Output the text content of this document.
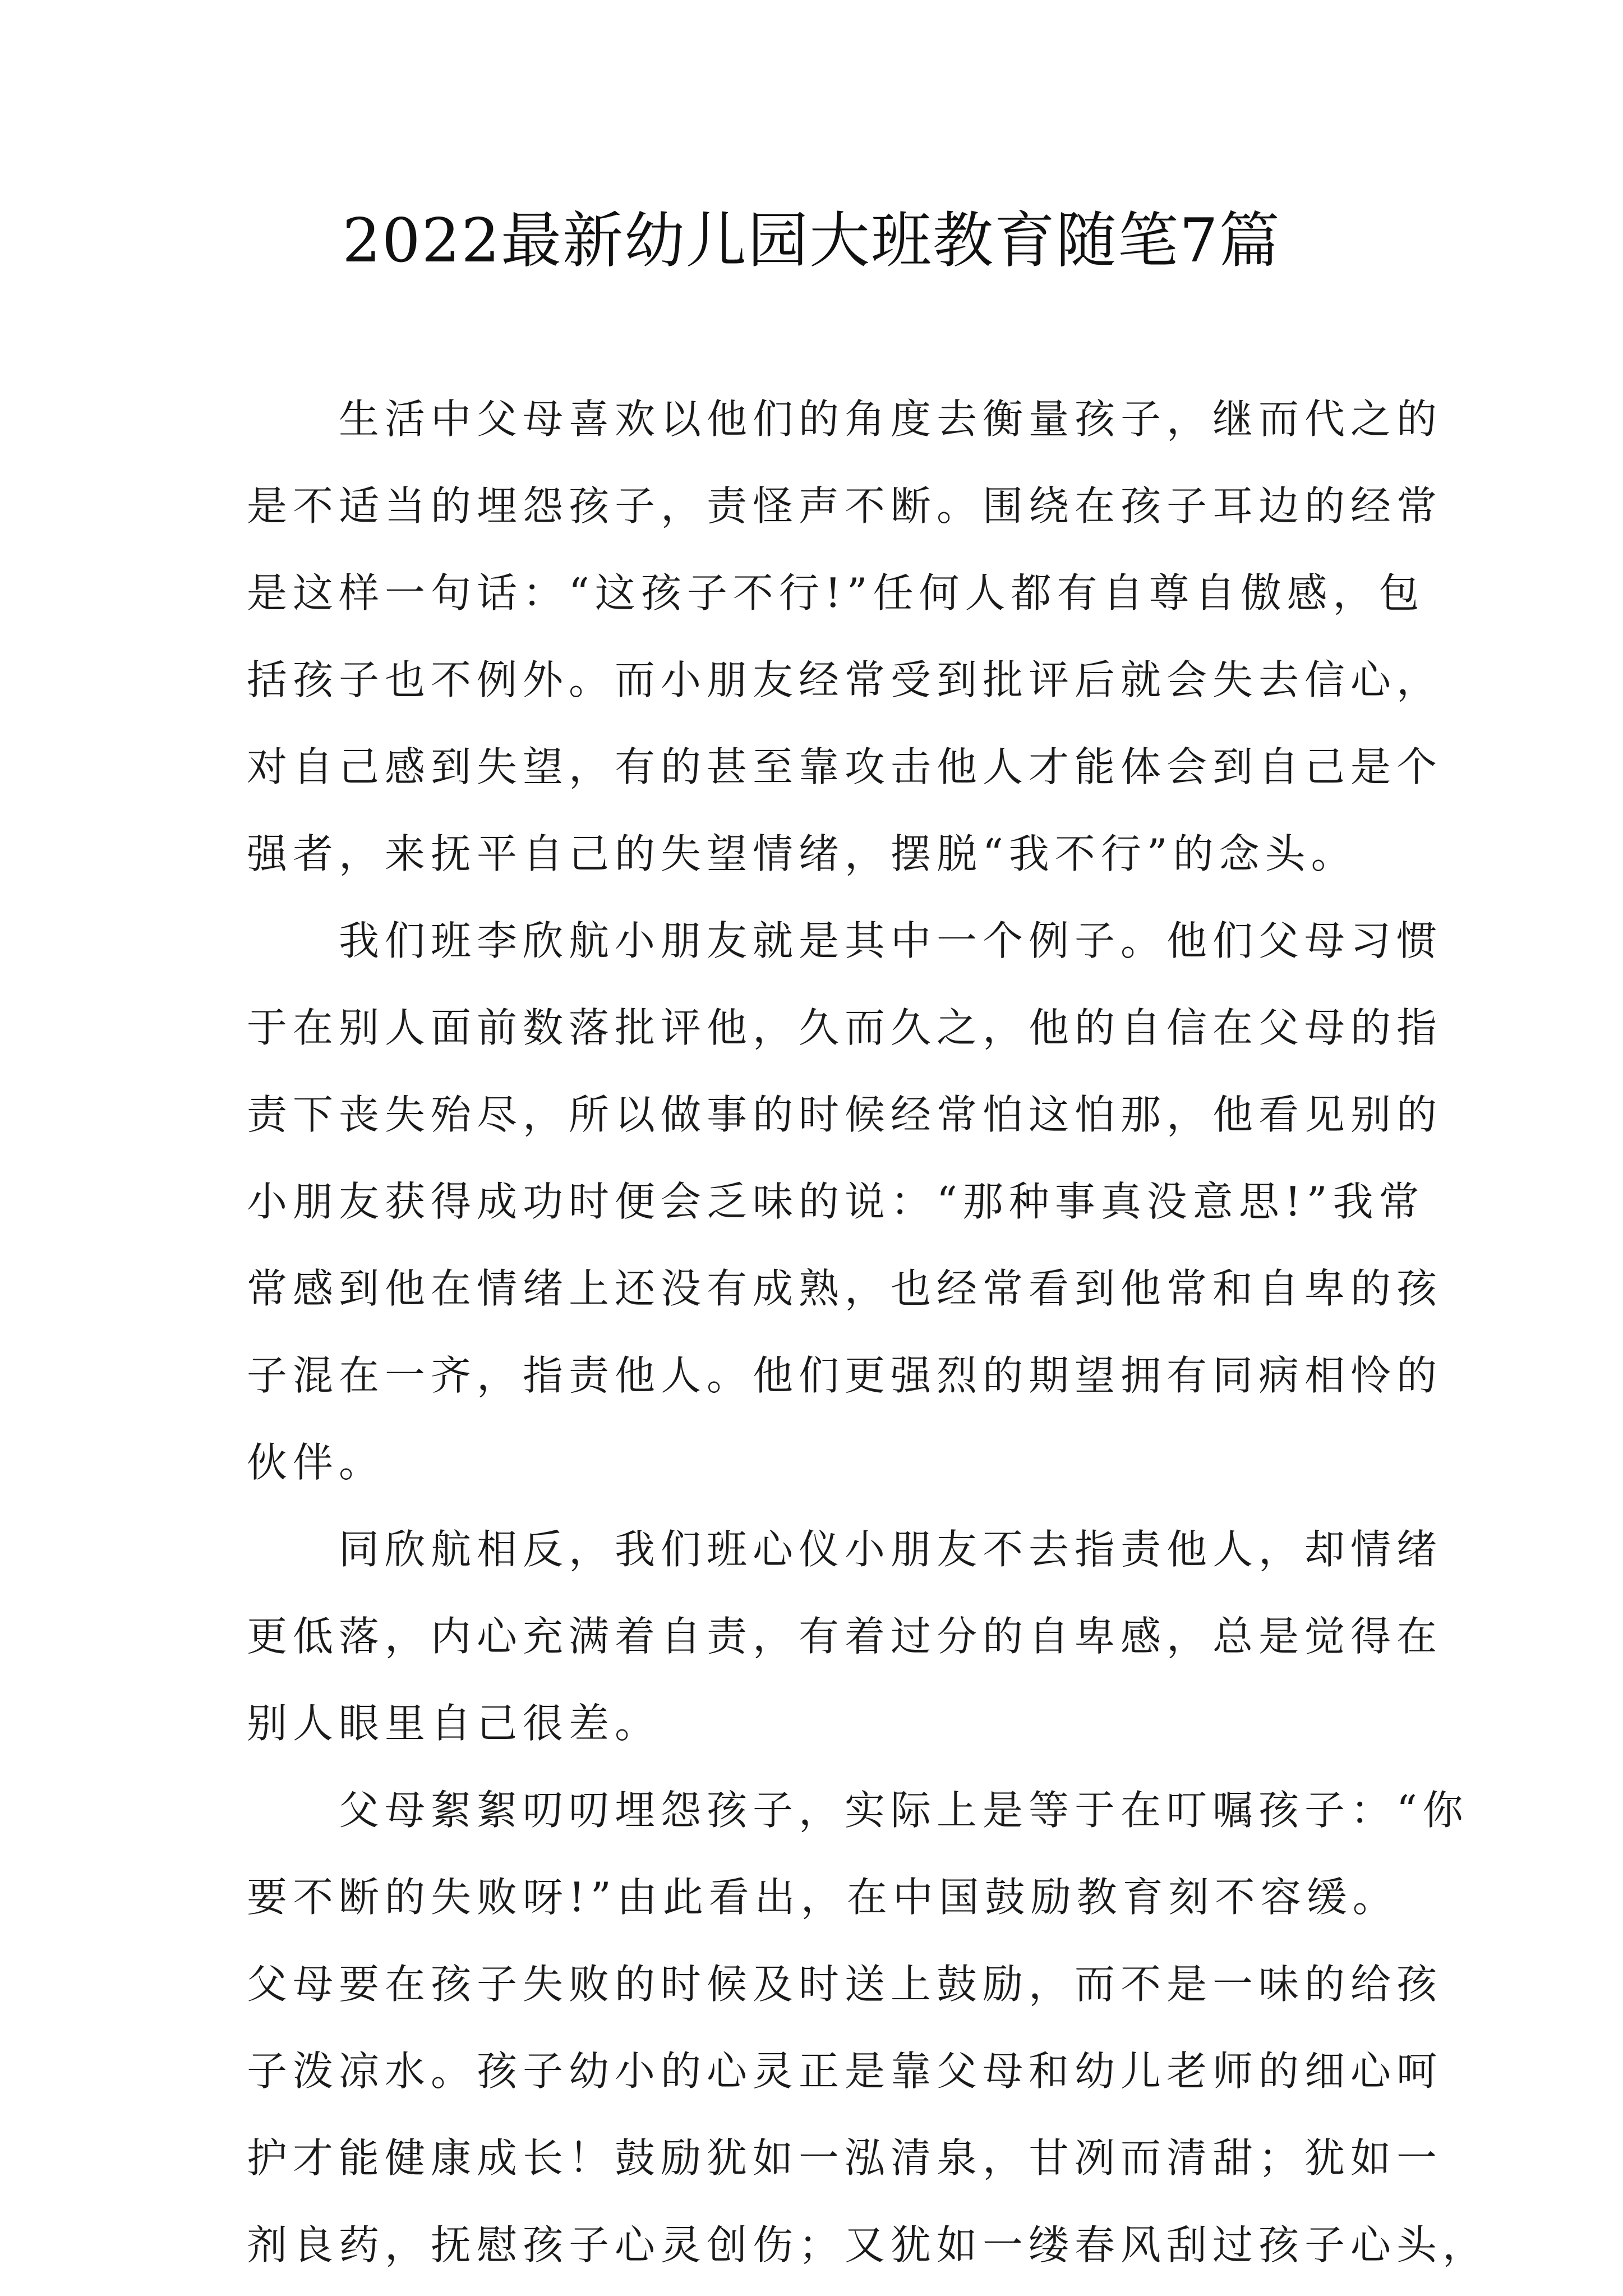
2022最新幼儿园大班教育随笔7篇
　　生活中父母喜欢以他们的角度去衡量孩子，继而代之的
是不适当的埋怨孩子，责怪声不断。围绕在孩子耳边的经常
是这样一句话：“这孩子不行!”任何人都有自尊自傲感，包
括孩子也不例外。而小朋友经常受到批评后就会失去信心，
对自己感到失望，有的甚至靠攻击他人才能体会到自己是个
强者，来抚平自己的失望情绪，摆脱“我不行”的念头。
　　我们班李欣航小朋友就是其中一个例子。他们父母习惯
于在别人面前数落批评他，久而久之，他的自信在父母的指
责下丧失殆尽，所以做事的时候经常怕这怕那，他看见别的
小朋友获得成功时便会乏味的说：“那种事真没意思!”我常
常感到他在情绪上还没有成熟，也经常看到他常和自卑的孩
子混在一齐，指责他人。他们更强烈的期望拥有同病相怜的
伙伴。
　　同欣航相反，我们班心仪小朋友不去指责他人，却情绪
更低落，内心充满着自责，有着过分的自卑感，总是觉得在
别人眼里自己很差。
　　父母絮絮叨叨埋怨孩子，实际上是等于在叮嘱孩子：“你
要不断的失败呀!”由此看出，在中国鼓励教育刻不容缓。
父母要在孩子失败的时候及时送上鼓励，而不是一味的给孩
子泼凉水。孩子幼小的心灵正是靠父母和幼儿老师的细心呵
护才能健康成长！鼓励犹如一泓清泉，甘冽而清甜；犹如一
剂良药，抚慰孩子心灵创伤；又犹如一缕春风刮过孩子心头，
